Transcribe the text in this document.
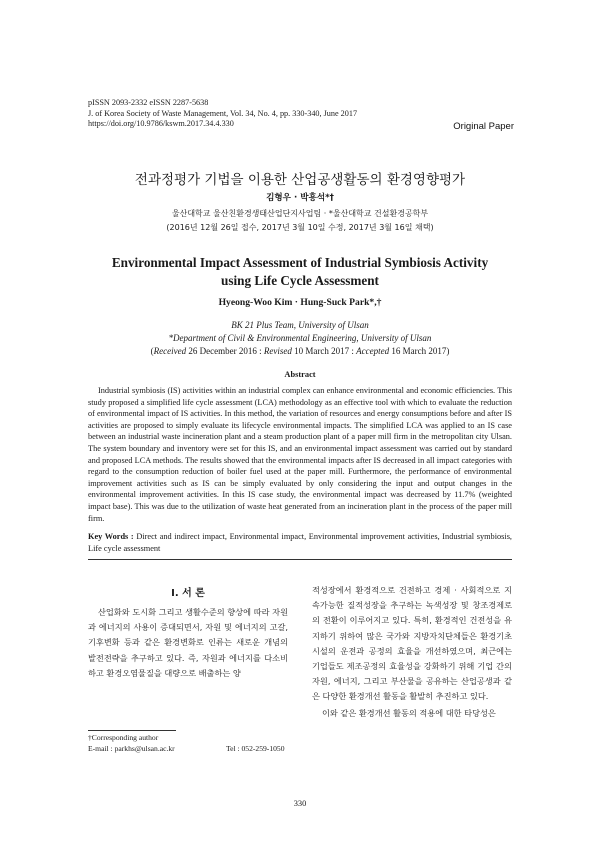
pISSN 2093-2332 eISSN 2287-5638
J. of Korea Society of Waste Management, Vol. 34, No. 4, pp. 330-340, June 2017
https://doi.org/10.9786/kswm.2017.34.4.330	Original Paper
전과정평가 기법을 이용한 산업공생활동의 환경영향평가
김형우 · 박흥석*†
울산대학교 울산친환경생태산업단지사업팀 · *울산대학교 건설환경공학부
(2016년 12월 26일 접수, 2017년 3월 10일 수정, 2017년 3월 16일 채택)
Environmental Impact Assessment of Industrial Symbiosis Activity
using Life Cycle Assessment
Hyeong-Woo Kim · Hung-Suck Park*,†
BK 21 Plus Team, University of Ulsan
*Department of Civil & Environmental Engineering, University of Ulsan
(Received 26 December 2016 : Revised 10 March 2017 : Accepted 16 March 2017)
Abstract

Industrial symbiosis (IS) activities within an industrial complex can enhance environmental and economic efficiencies. This study proposed a simplified life cycle assessment (LCA) methodology as an effective tool with which to evaluate the reduction of environmental impact of IS activities. In this method, the variation of resources and energy consumptions before and after IS activities are proposed to simply evaluate its lifecycle environmental impacts. The simplified LCA was applied to an IS case between an industrial waste incineration plant and a steam production plant of a paper mill firm in the metropolitan city Ulsan. The system boundary and inventory were set for this IS, and an environmental impact assessment was carried out by standard and proposed LCA methods. The results showed that the environmental impacts after IS decreased in all impact categories with regard to the consumption reduction of boiler fuel used at the paper mill. Furthermore, the performance of environmental improvement activities such as IS can be simply evaluated by only considering the input and output changes in the environmental improvement activities. In this IS case study, the environmental impact was decreased by 11.7% (weighted impact base). This was due to the utilization of waste heat generated from an incineration plant in the process of the paper mill firm.

Key Words : Direct and indirect impact, Environmental impact, Environmental improvement activities, Industrial symbiosis, Life cycle assessment

I. 서 론

산업화와 도시화 그리고 생활수준의 향상에 따라 자원과 에너지의 사용이 증대되면서, 자원 및 에너지의 고갈, 기후변화 등과 같은 환경변화로 인류는 새로운 개념의 발전전략을 추구하고 있다. 즉, 자원과 에너지를 다소비하고 환경오염물질을 대량으로 배출하는 양

적성장에서 환경적으로 건전하고 경제 · 사회적으로 지속가능한 질적성장을 추구하는 녹색성장 및 창조경제로의 전환이 이루어지고 있다. 특히, 환경적인 건전성을 유지하기 위하여 많은 국가와 지방자치단체들은 환경기초시설의 운전과 공정의 효율을 개선하였으며, 최근에는 기업들도 제조공정의 효율성을 강화하기 위해 기업 간의 자원, 에너지, 그리고 부산물을 공유하는 산업공생과 같은 다양한 환경개선 활동을 활발히 추진하고 있다.

이와 같은 환경개선 활동의 적용에 대한 타당성은

†Corresponding author
E-mail : parkhs@ulsan.ac.kr	Tel : 052-259-1050
330
